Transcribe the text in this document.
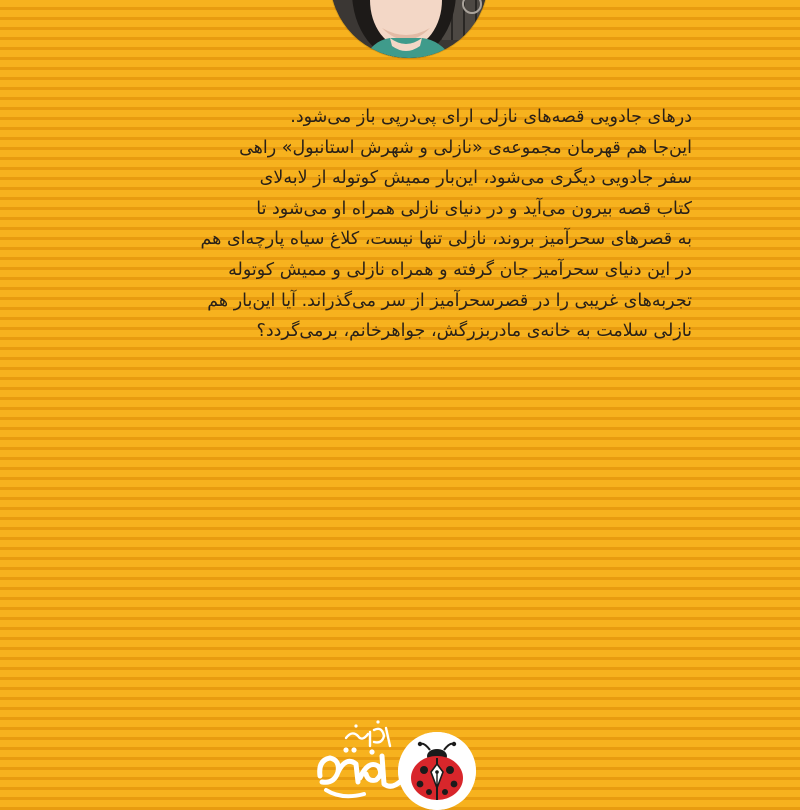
درهای جادویی قصه‌های نازلی ارای پی‌درپی باز می‌شود.
این‌جا هم قهرمان مجموعه‌ی «نازلی و شهرش استانبول» راهی
سفر جادویی دیگری می‌شود، این‌بار ممیش کوتوله از لابه‌لای
کتاب قصه بیرون می‌آید و در دنیای نازلی همراه او می‌شود تا
به قصرهای سحرآمیز بروند، نازلی تنها نیست، کلاغ سیاه پارچه‌ای هم
در این دنیای سحرآمیز جان گرفته و همراه نازلی و ممیش کوتوله
تجربه‌های غریبی را در قصرسحرآمیز از سر می‌گذراند. آیا این‌بار هم
نازلی سلامت به خانه‌ی مادربزرگش، جواهرخانم، برمی‌گردد؟
